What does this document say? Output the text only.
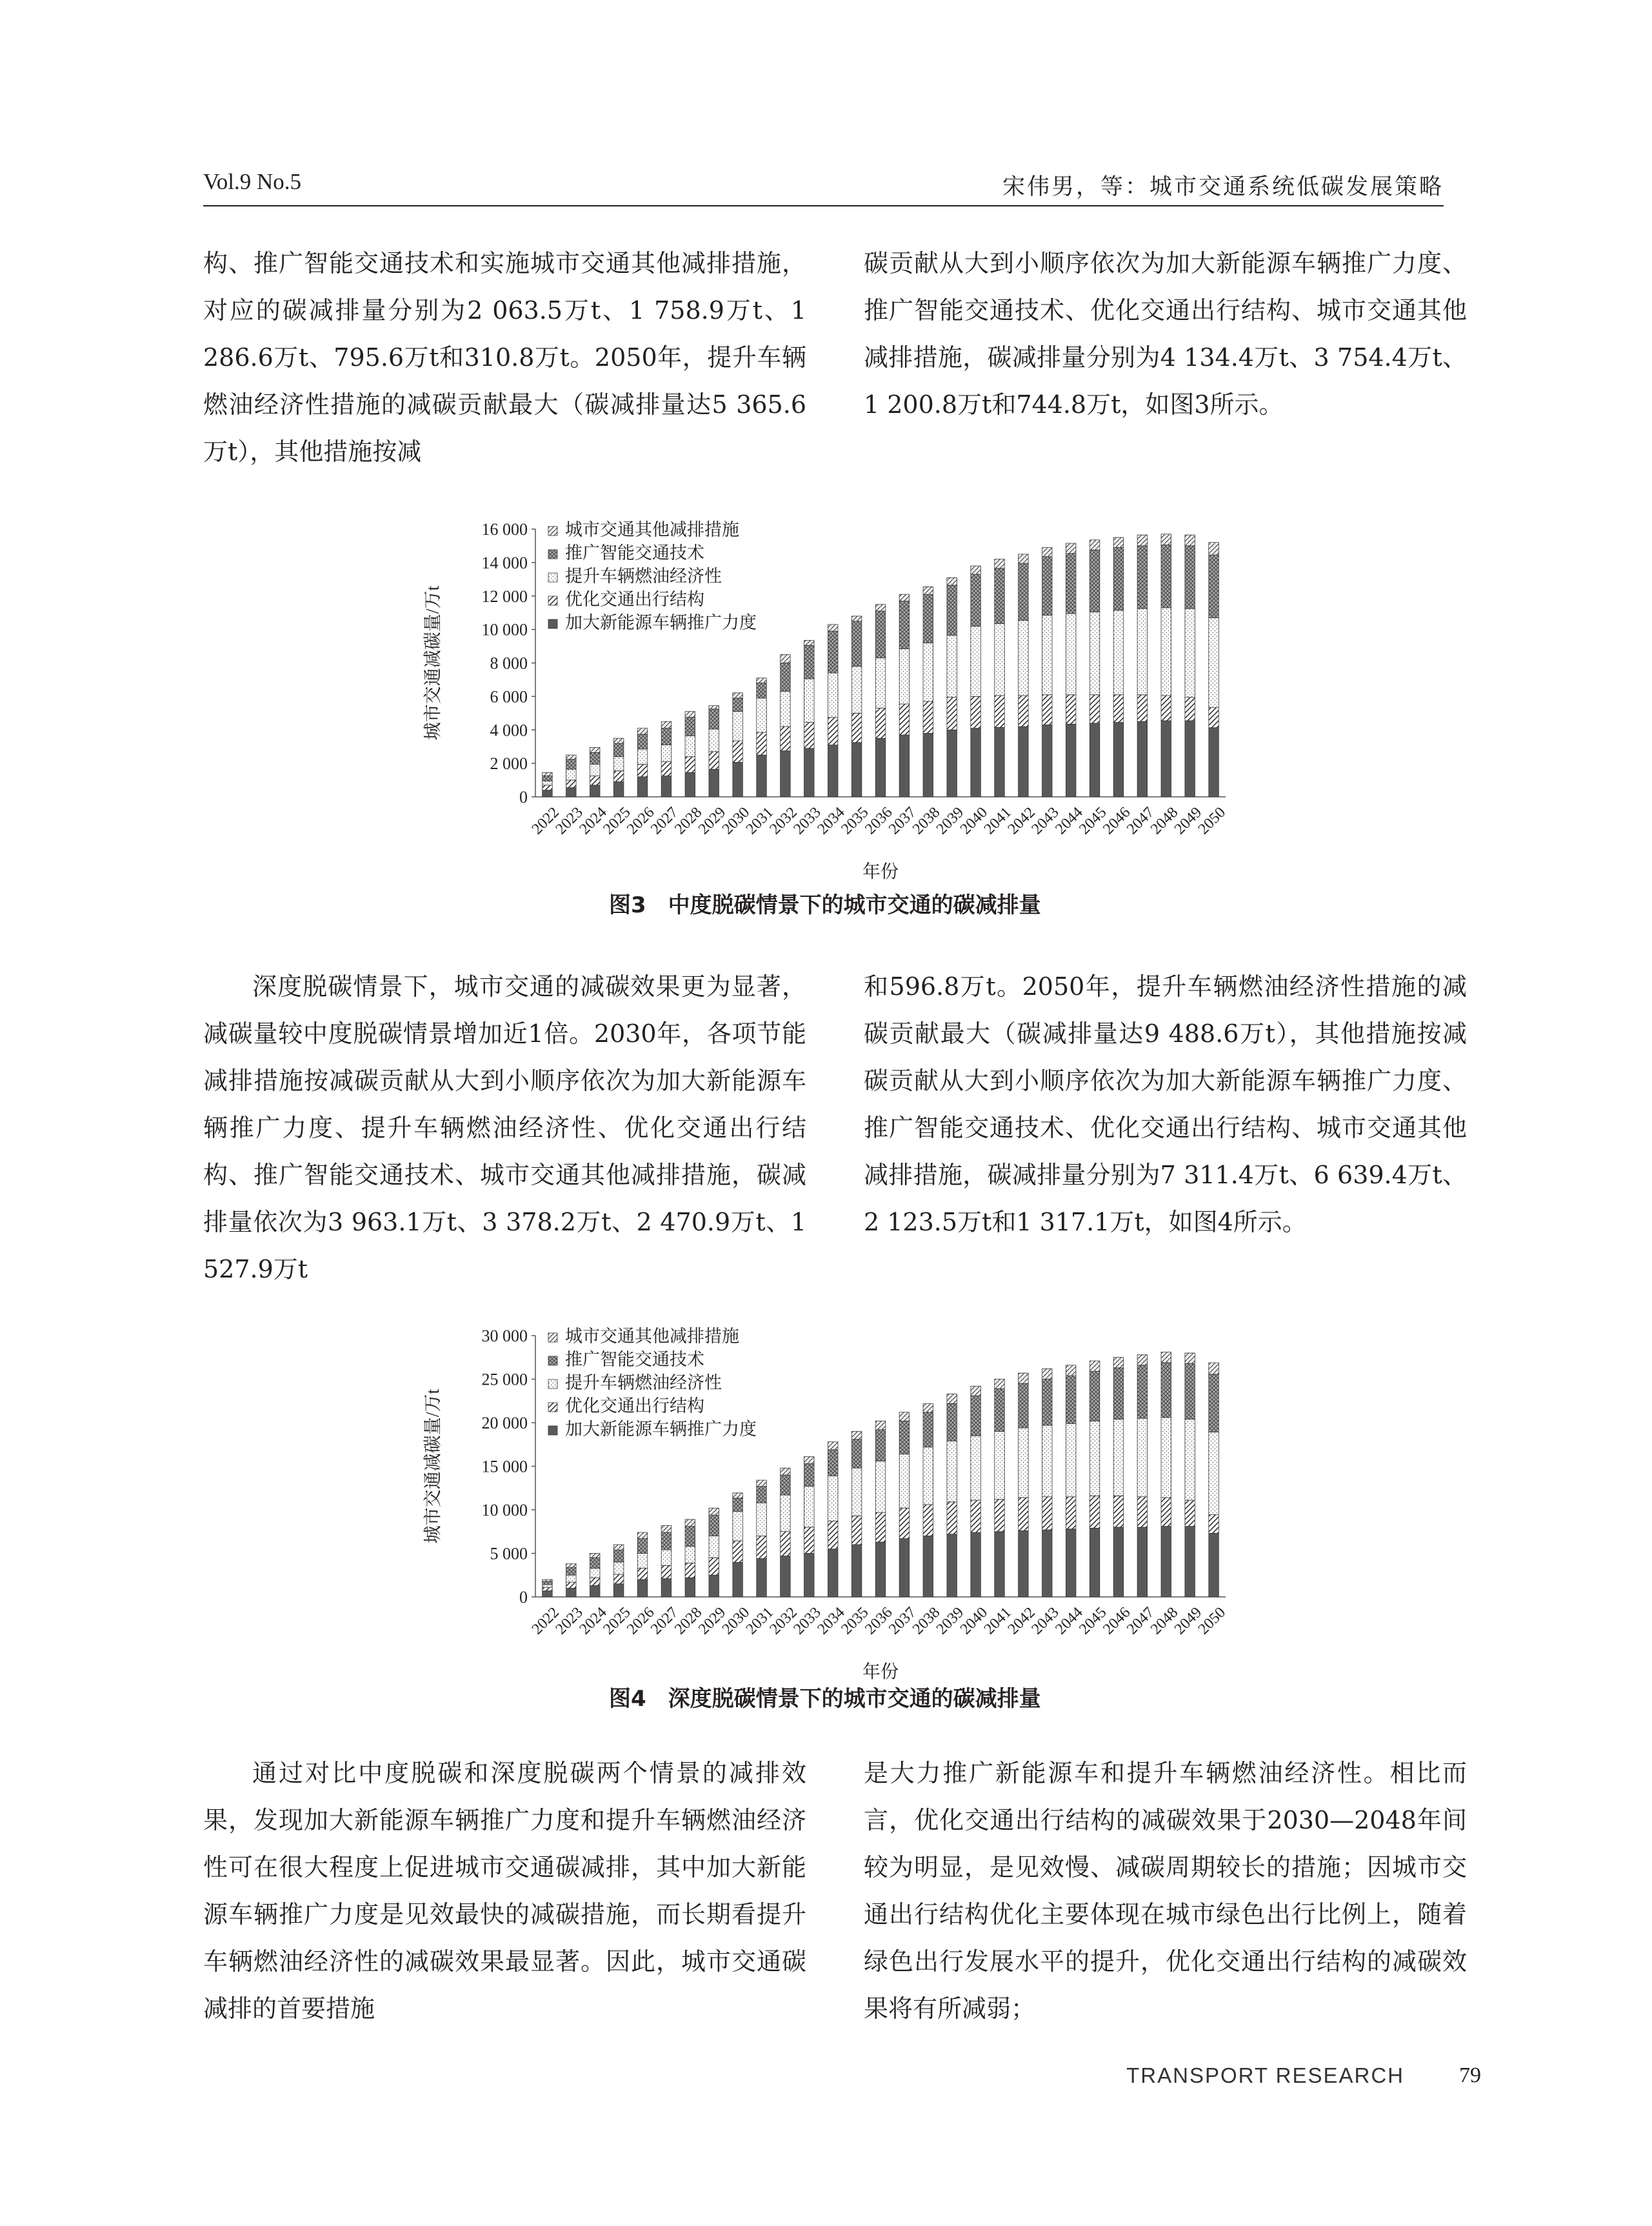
Vol.9 No.5	宋伟男，等：城市交通系统低碳发展策略

构、推广智能交通技术和实施城市交通其他减排措施，对应的碳减排量分别为2 063.5万t、1 758.9万t、1 286.6万t、795.6万t和310.8万t。2050年，提升车辆燃油经济性措施的减碳贡献最大（碳减排量达5 365.6万t），其他措施按减

碳贡献从大到小顺序依次为加大新能源车辆推广力度、推广智能交通技术、优化交通出行结构、城市交通其他减排措施，碳减排量分别为4 134.4万t、3 754.4万t、1 200.8万t和744.8万t，如图3所示。

城市交通减碳量/万t
0
2 000
4 000
6 000
8 000
10 000
12 000
14 000
16 000
2022
2023
2024
2025
2026
2027
2028
2029
2030
2031
2032
2033
2034
2035
2036
2037
2038
2039
2040
2041
2042
2043
2044
2045
2046
2047
2048
2049
2050
年份
城市交通其他减排措施
推广智能交通技术
提升车辆燃油经济性
优化交通出行结构
加大新能源车辆推广力度
图3 中度脱碳情景下的城市交通的碳减排量

深度脱碳情景下，城市交通的减碳效果更为显著，减碳量较中度脱碳情景增加近1倍。2030年，各项节能减排措施按减碳贡献从大到小顺序依次为加大新能源车辆推广力度、提升车辆燃油经济性、优化交通出行结构、推广智能交通技术、城市交通其他减排措施，碳减排量依次为3 963.1万t、3 378.2万t、2 470.9万t、1 527.9万t

和596.8万t。2050年，提升车辆燃油经济性措施的减碳贡献最大（碳减排量达9 488.6万t），其他措施按减碳贡献从大到小顺序依次为加大新能源车辆推广力度、推广智能交通技术、优化交通出行结构、城市交通其他减排措施，碳减排量分别为7 311.4万t、6 639.4万t、2 123.5万t和1 317.1万t，如图4所示。

城市交通减碳量/万t
0
5 000
10 000
15 000
20 000
25 000
30 000
2022
2023
2024
2025
2026
2027
2028
2029
2030
2031
2032
2033
2034
2035
2036
2037
2038
2039
2040
2041
2042
2043
2044
2045
2046
2047
2048
2049
2050
年份
城市交通其他减排措施
推广智能交通技术
提升车辆燃油经济性
优化交通出行结构
加大新能源车辆推广力度
图4 深度脱碳情景下的城市交通的碳减排量

通过对比中度脱碳和深度脱碳两个情景的减排效果，发现加大新能源车辆推广力度和提升车辆燃油经济性可在很大程度上促进城市交通碳减排，其中加大新能源车辆推广力度是见效最快的减碳措施，而长期看提升车辆燃油经济性的减碳效果最显著。因此，城市交通碳减排的首要措施

是大力推广新能源车和提升车辆燃油经济性。相比而言，优化交通出行结构的减碳效果于2030—2048年间较为明显，是见效慢、减碳周期较长的措施；因城市交通出行结构优化主要体现在城市绿色出行比例上，随着绿色出行发展水平的提升，优化交通出行结构的减碳效果将有所减弱；

TRANSPORT RESEARCH	79
